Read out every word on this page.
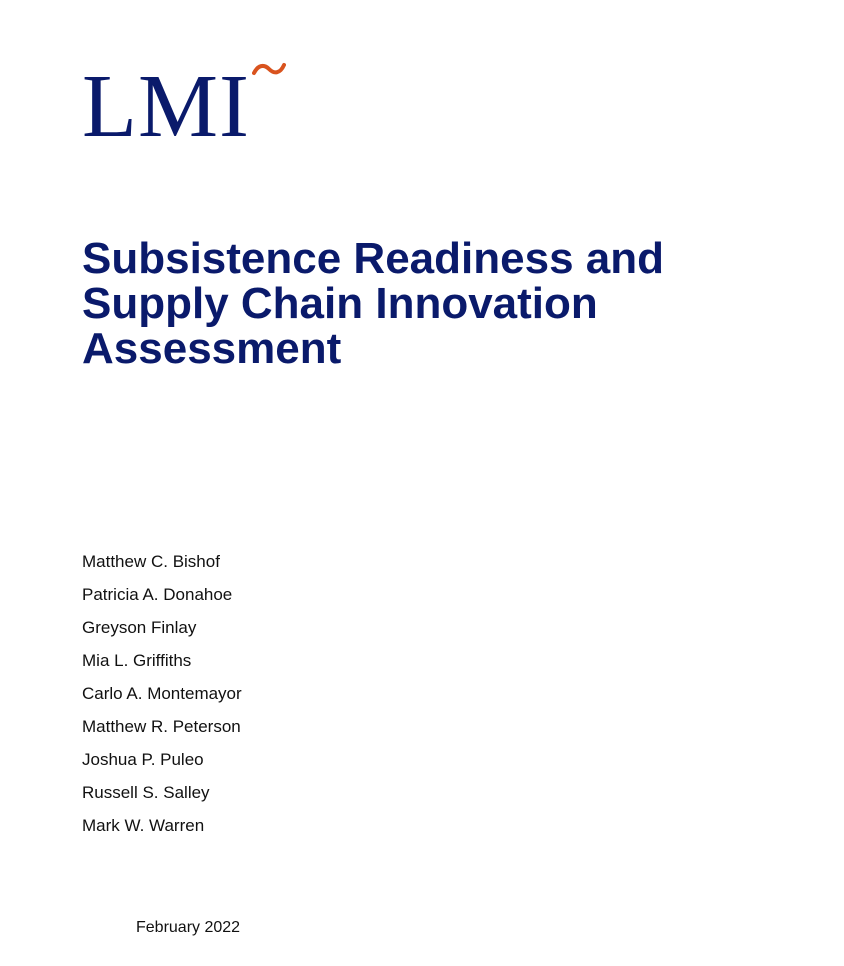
LMI
Subsistence Readiness and
Supply Chain Innovation
Assessment
Matthew C. Bishof
Patricia A. Donahoe
Greyson Finlay
Mia L. Griffiths
Carlo A. Montemayor
Matthew R. Peterson
Joshua P. Puleo
Russell S. Salley
Mark W. Warren
February 2022
